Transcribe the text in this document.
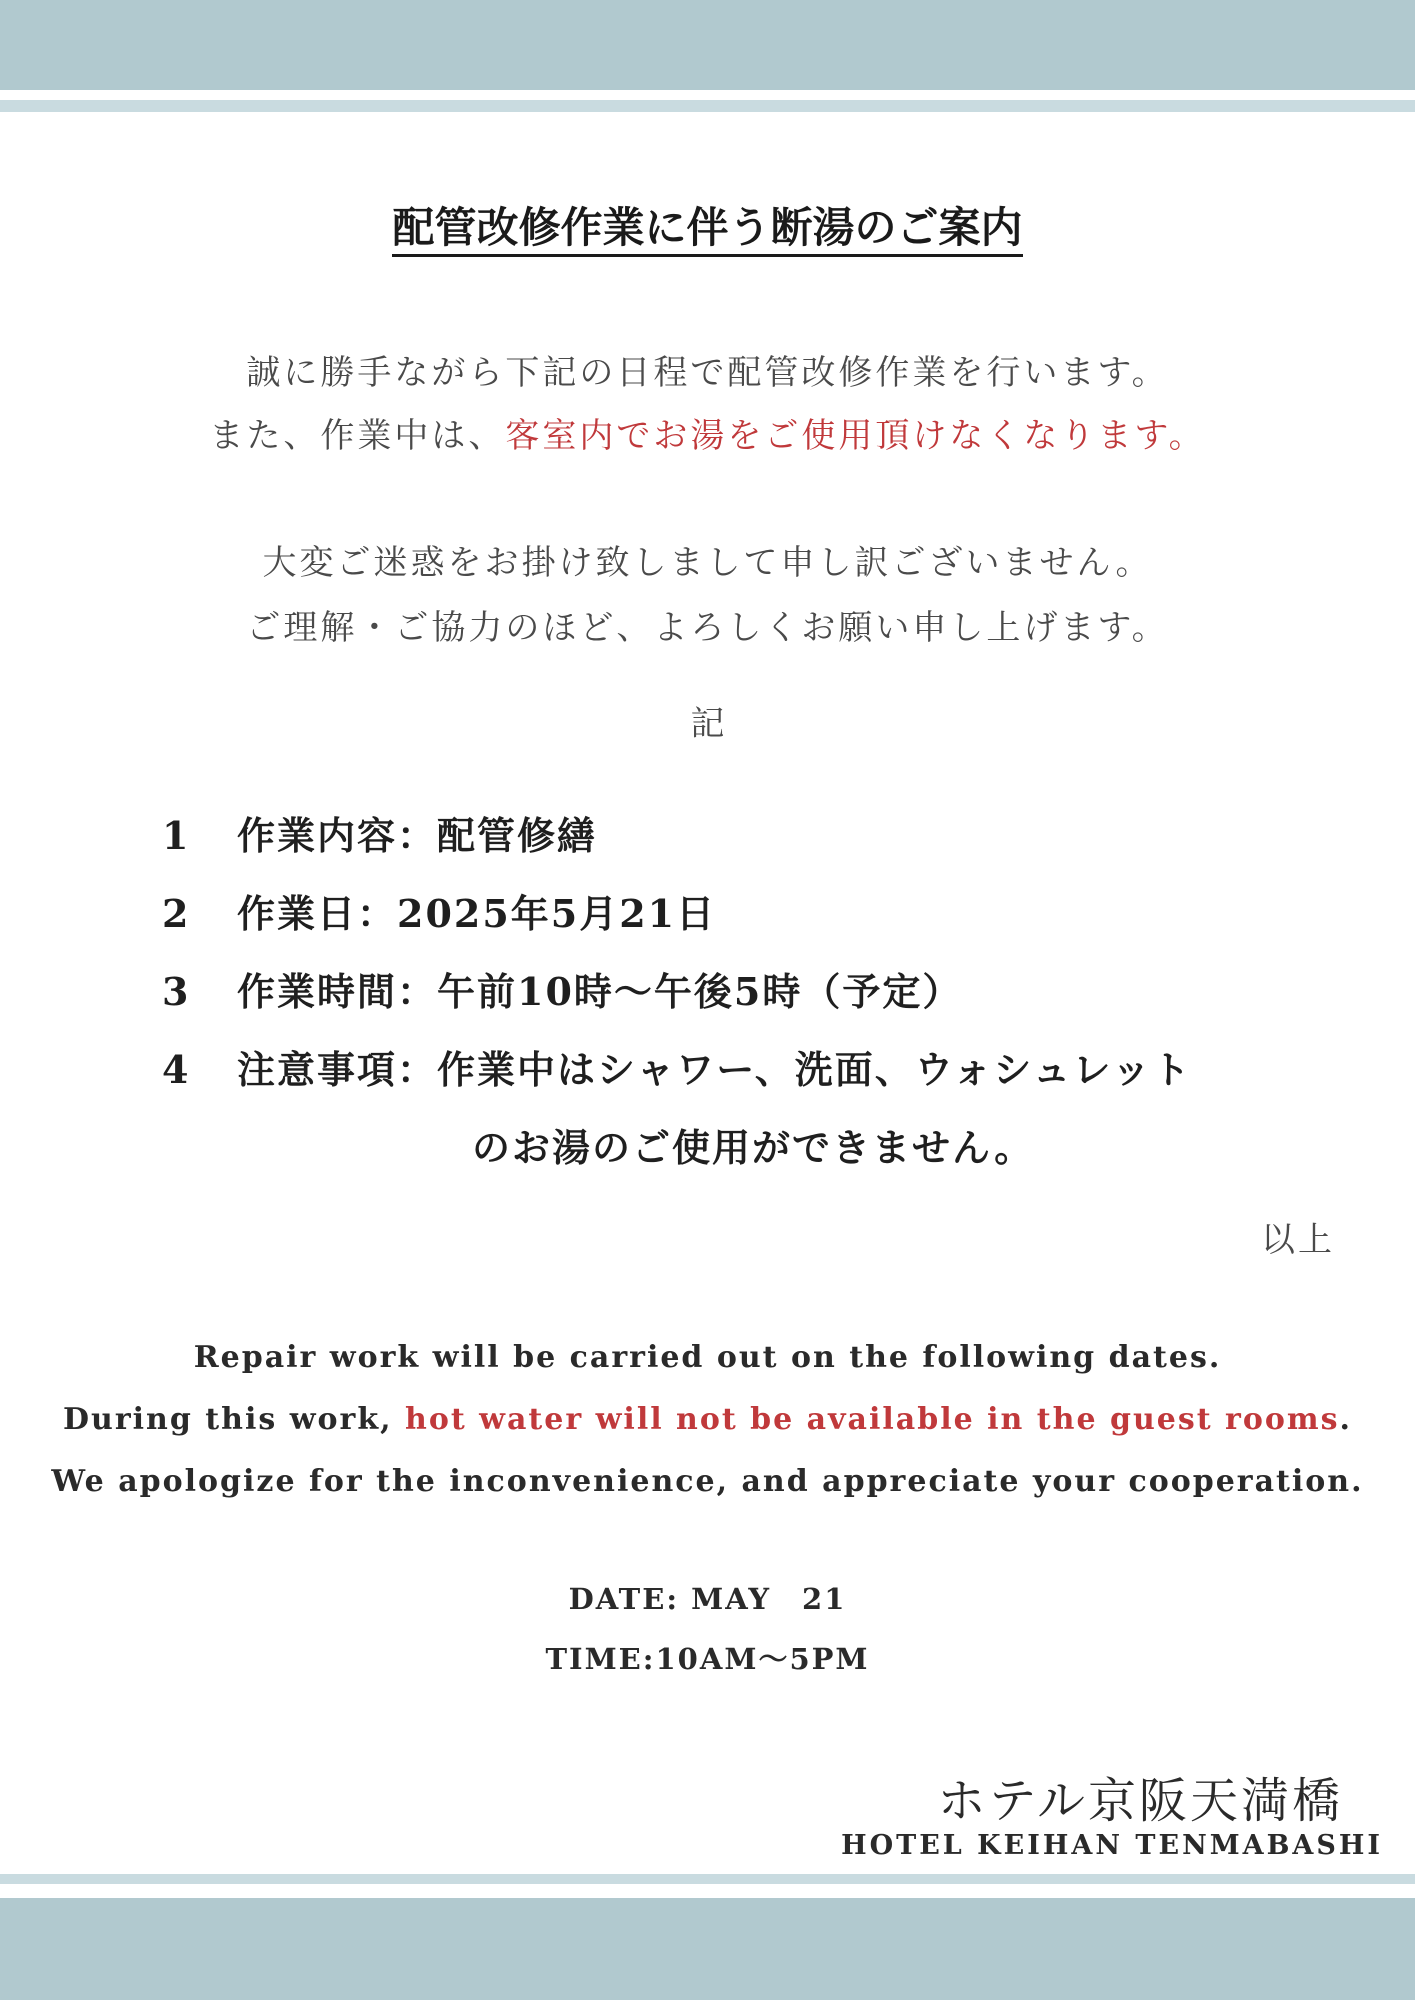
配管改修作業に伴う断湯のご案内
誠に勝手ながら下記の日程で配管改修作業を行います。
また、作業中は、客室内でお湯をご使用頂けなくなります。
大変ご迷惑をお掛け致しまして申し訳ございません。
ご理解・ご協力のほど、よろしくお願い申し上げます。
記
1 作業内容：配管修繕
2 作業日：2025年5月21日
3 作業時間：午前10時～午後5時（予定）
4 注意事項：作業中はシャワー、洗面、ウォシュレット
のお湯のご使用ができません。
以上
Repair work will be carried out on the following dates.
During this work, hot water will not be available in the guest rooms.
We apologize for the inconvenience, and appreciate your cooperation.
DATE: MAY　21
TIME:10AM～5PM
ホテル京阪天満橋
HOTEL KEIHAN TENMABASHI
